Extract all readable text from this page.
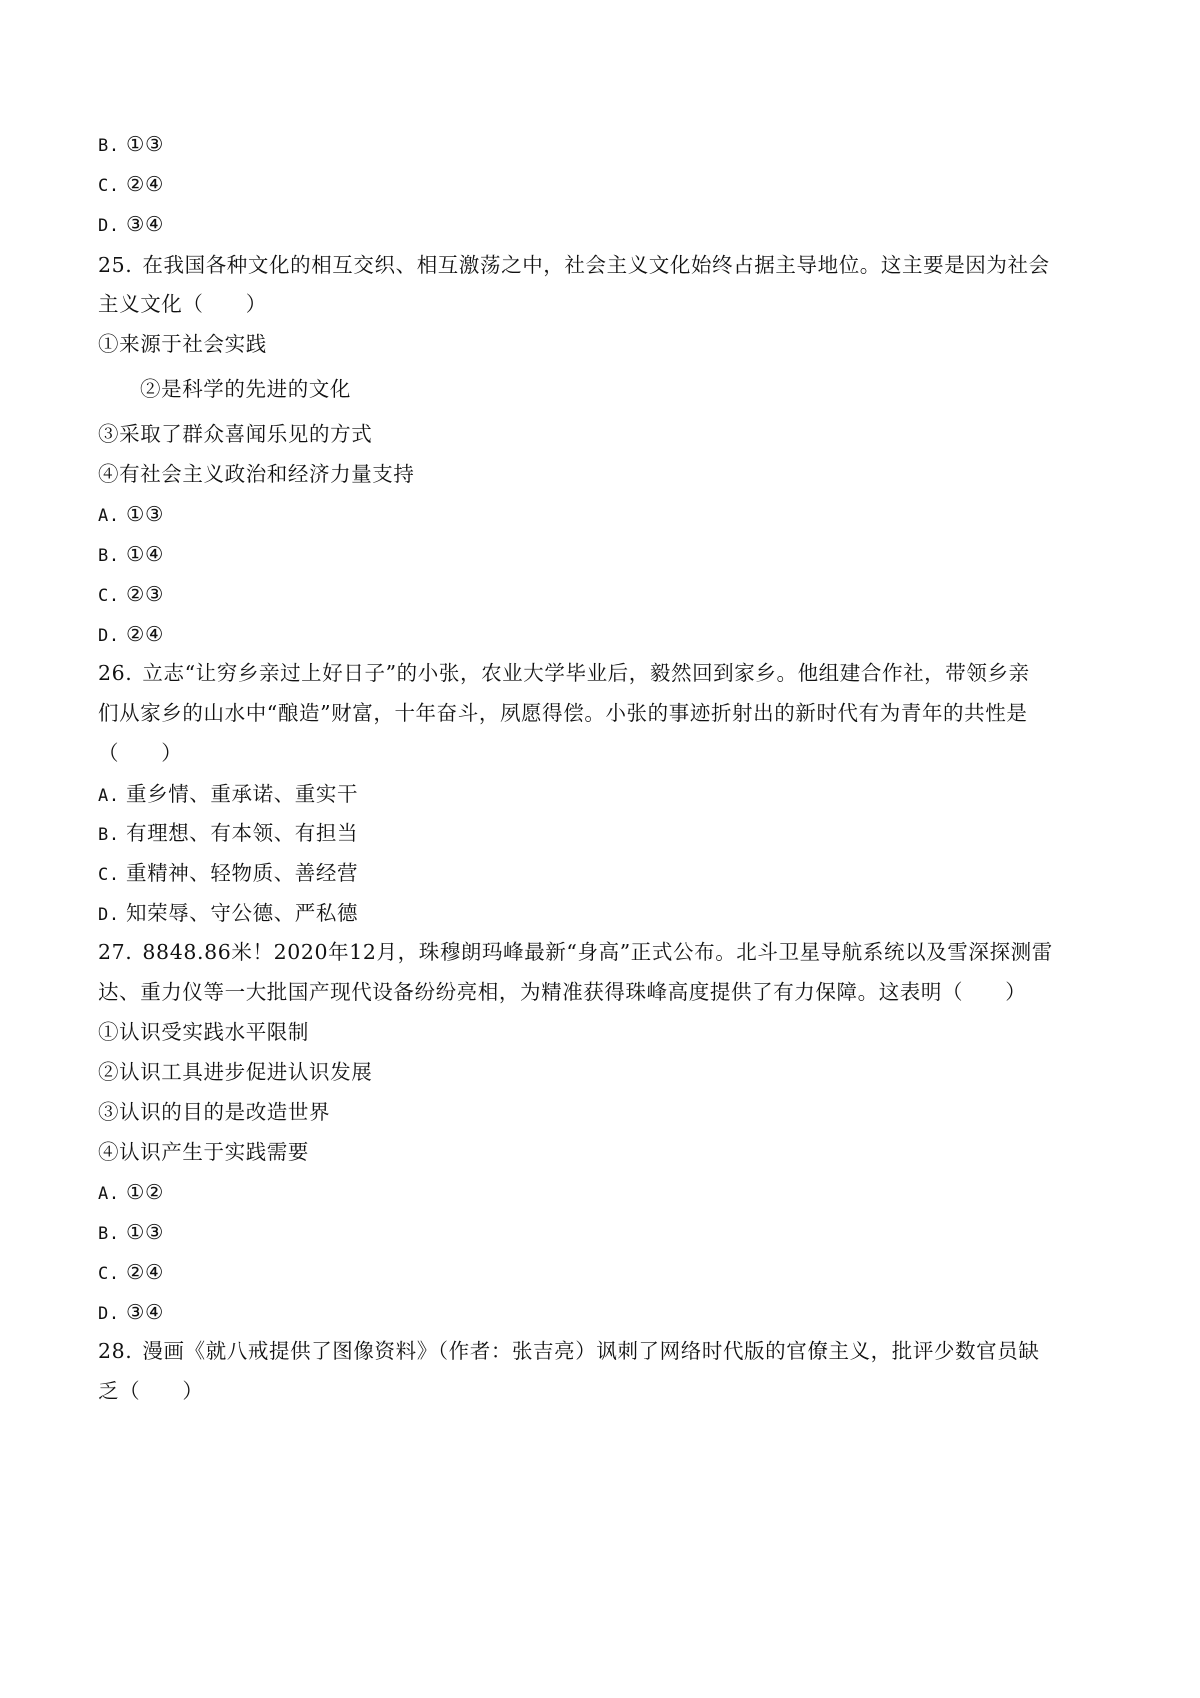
B. ①③
C. ②④
D. ③④
25. 在我国各种文化的相互交织、相互激荡之中，社会主义文化始终占据主导地位。这主要是因为社会
主义文化（　　）
①来源于社会实践
②是科学的先进的文化
③采取了群众喜闻乐见的方式
④有社会主义政治和经济力量支持
A. ①③
B. ①④
C. ②③
D. ②④
26. 立志“让穷乡亲过上好日子”的小张，农业大学毕业后，毅然回到家乡。他组建合作社，带领乡亲
们从家乡的山水中“酿造”财富，十年奋斗，夙愿得偿。小张的事迹折射出的新时代有为青年的共性是
（　　）
A. 重乡情、重承诺、重实干
B. 有理想、有本领、有担当
C. 重精神、轻物质、善经营
D. 知荣辱、守公德、严私德
27. 8848.86米！2020年12月，珠穆朗玛峰最新“身高”正式公布。北斗卫星导航系统以及雪深探测雷
达、重力仪等一大批国产现代设备纷纷亮相，为精准获得珠峰高度提供了有力保障。这表明（　　）
①认识受实践水平限制
②认识工具进步促进认识发展
③认识的目的是改造世界
④认识产生于实践需要
A. ①②
B. ①③
C. ②④
D. ③④
28. 漫画《就八戒提供了图像资料》（作者：张吉亮）讽刺了网络时代版的官僚主义，批评少数官员缺
乏（　　）
